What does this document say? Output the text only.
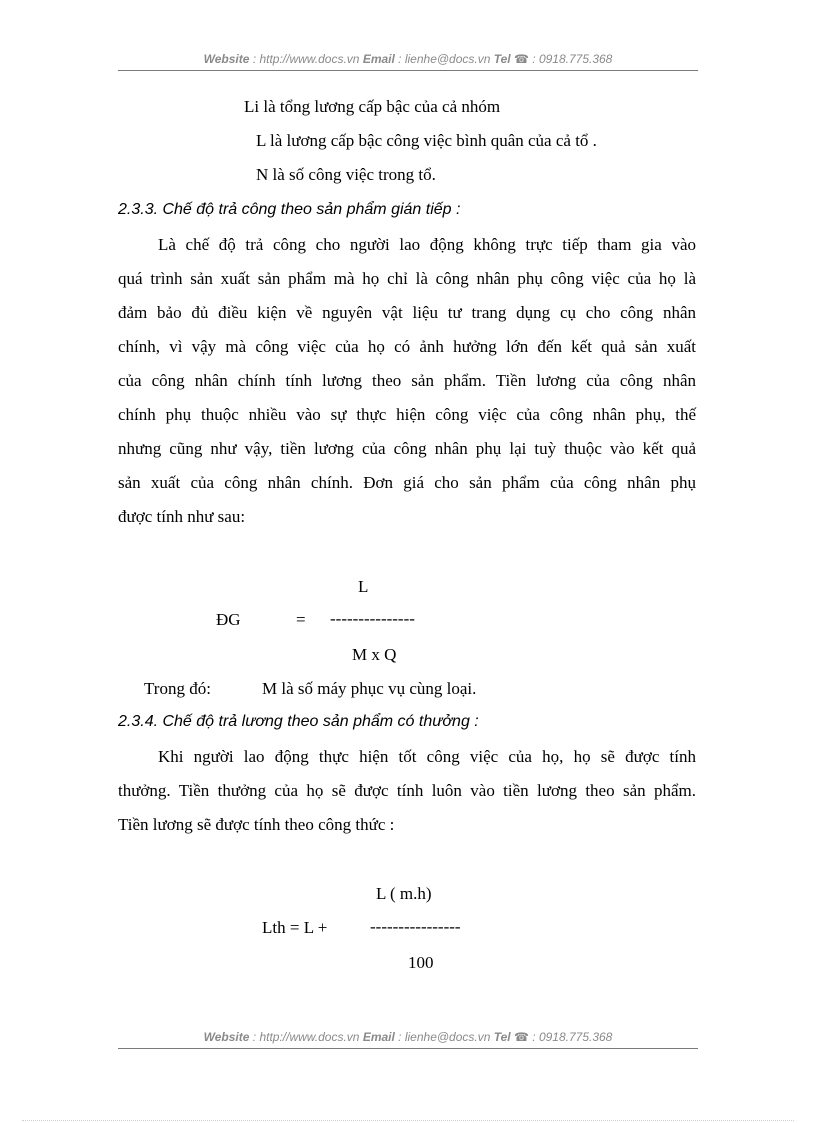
Website : http://www.docs.vn Email : lienhe@docs.vn Tel ☎ : 0918.775.368
Li là tổng lương cấp bậc của cả nhóm
L là lương cấp bậc công việc bình quân của cả tổ .
N là số công việc trong tổ.
2.3.3. Chế độ trả công theo sản phẩm gián tiếp :
Là chế độ trả công cho người lao động không trực tiếp tham gia vào
quá trình sản xuất sản phẩm mà họ chỉ là công nhân phụ công việc của họ là
đảm bảo đủ điều kiện về nguyên vật liệu tư trang dụng cụ cho công nhân
chính, vì vậy mà công việc của họ có ảnh hưởng lớn đến kết quả sản xuất
của công nhân chính tính lương theo sản phẩm. Tiền lương của công nhân
chính phụ thuộc nhiều vào sự thực hiện công việc của công nhân phụ, thế
nhưng cũng như vậy, tiền lương của công nhân phụ lại tuỳ thuộc vào kết quả
sản xuất của công nhân chính. Đơn giá cho sản phẩm của công nhân phụ
được tính như sau:
L
ĐG	= ---------------
M x Q
Trong đó:	M là số máy phục vụ cùng loại.
2.3.4. Chế độ trả lương theo sản phẩm có thưởng :
Khi người lao động thực hiện tốt công việc của họ, họ sẽ được tính
thưởng. Tiền thưởng của họ sẽ được tính luôn vào tiền lương theo sản phẩm.
Tiền lương sẽ được tính theo công thức :
L ( m.h)
Lth = L +	----------------
100
Website : http://www.docs.vn Email : lienhe@docs.vn Tel ☎ : 0918.775.368
